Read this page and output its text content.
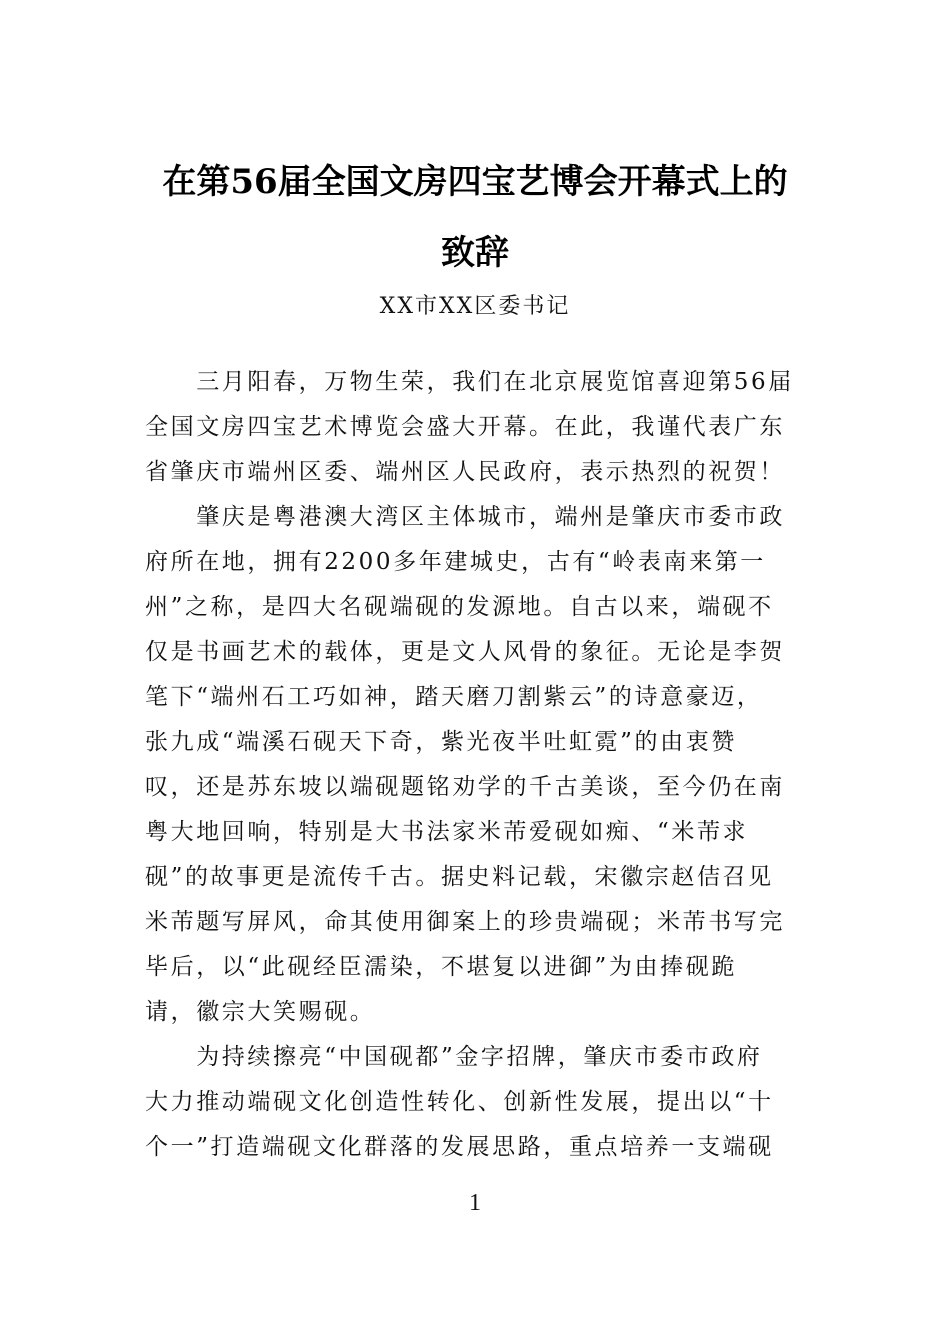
在第56届全国文房四宝艺博会开幕式上的
致辞
XX市XX区委书记
　　三月阳春，万物生荣，我们在北京展览馆喜迎第56届
全国文房四宝艺术博览会盛大开幕。在此，我谨代表广东
省肇庆市端州区委、端州区人民政府，表示热烈的祝贺！
　　肇庆是粤港澳大湾区主体城市，端州是肇庆市委市政
府所在地，拥有2200多年建城史，古有“岭表南来第一
州”之称，是四大名砚端砚的发源地。自古以来，端砚不
仅是书画艺术的载体，更是文人风骨的象征。无论是李贺
笔下“端州石工巧如神，踏天磨刀割紫云”的诗意豪迈，
张九成“端溪石砚天下奇，紫光夜半吐虹霓”的由衷赞
叹，还是苏东坡以端砚题铭劝学的千古美谈，至今仍在南
粤大地回响，特别是大书法家米芾爱砚如痴、“米芾求
砚”的故事更是流传千古。据史料记载，宋徽宗赵佶召见
米芾题写屏风，命其使用御案上的珍贵端砚；米芾书写完
毕后，以“此砚经臣濡染，不堪复以进御”为由捧砚跪
请，徽宗大笑赐砚。
　　为持续擦亮“中国砚都”金字招牌，肇庆市委市政府
大力推动端砚文化创造性转化、创新性发展，提出以“十
个一”打造端砚文化群落的发展思路，重点培养一支端砚
1
